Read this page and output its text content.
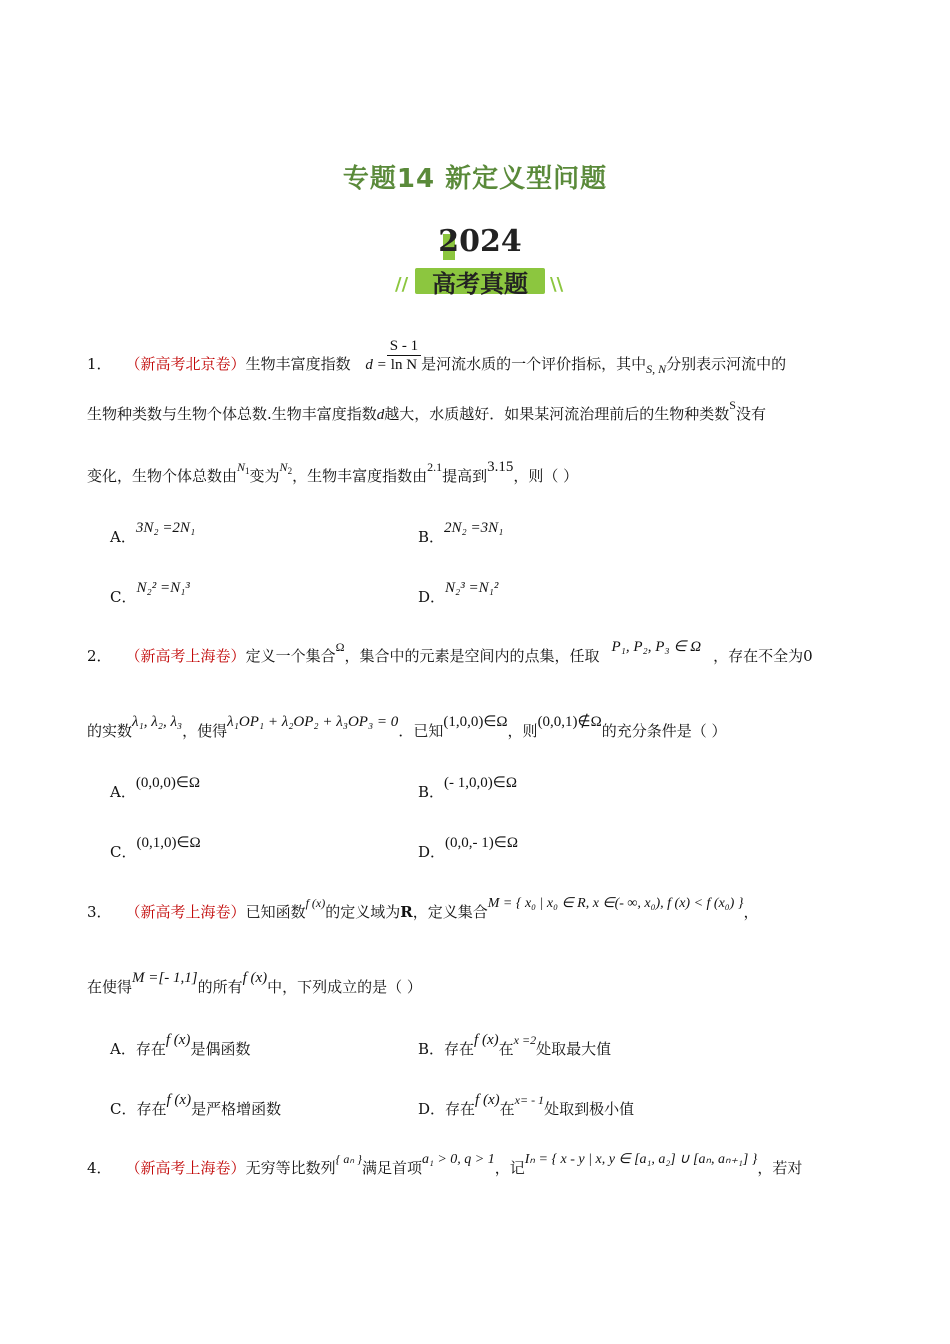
专题14 新定义型问题
2024
高考真题
//	\\
1． （新高考北京卷）生物丰富度指数 $d = \frac{S - 1}{\text{ln N}}$ 是河流水质的一个评价指标，其中$_{S, N}$分别表示河流中的
生物种类数与生物个体总数.生物丰富度指数d越大，水质越好．如果某河流治理前后的生物种类数$^S$没有
变化，生物个体总数由$^{N1}$变为$^{N2}$，生物丰富度指数由$^{2.1}$提高到3.15，则（ ）
A．3N₂ =2N₁	B．2N₂ =3N₁
C．N₂² =N₁³	D．N₂³ =N₁²
2． （新高考上海卷）定义一个集合$^\Omega$，集合中的元素是空间内的点集，任取 P₁, P₂, P₃ ∈ Ω ，存在不全为0
的实数λ₁, λ₂, λ₃，使得λ₁OP₁ + λ₂OP₂ + λ₃OP₃ = 0．已知(1,0,0)∈Ω，则(0,0,1)∉Ω的充分条件是（ ）
A．(0,0,0)∈Ω	B．(- 1,0,0)∈Ω
C．(0,1,0)∈Ω	D．(0,0,- 1)∈Ω
3． （新高考上海卷）已知函数$^{f (x)}$的定义域为R，定义集合M = { x₀ | x₀ ∈ R, x ∈(- ∞, x₀), f (x) < f (x₀) }，
在使得M =[- 1,1]的所有f (x)中，下列成立的是（ ）
A．存在f (x)是偶函数	B．存在f (x)在$^{x =2}$处取最大值
C．存在f (x)是严格增函数	D．存在f (x)在$^{x= - 1}$处取到极小值
4． （新高考上海卷）无穷等比数列$^{\{ a_n \}}$满足首项a₁ > 0, q > 1，记Iₙ = { x - y | x, y ∈ [a₁, a₂] ∪ [aₙ, aₙ₊₁] }，若对
